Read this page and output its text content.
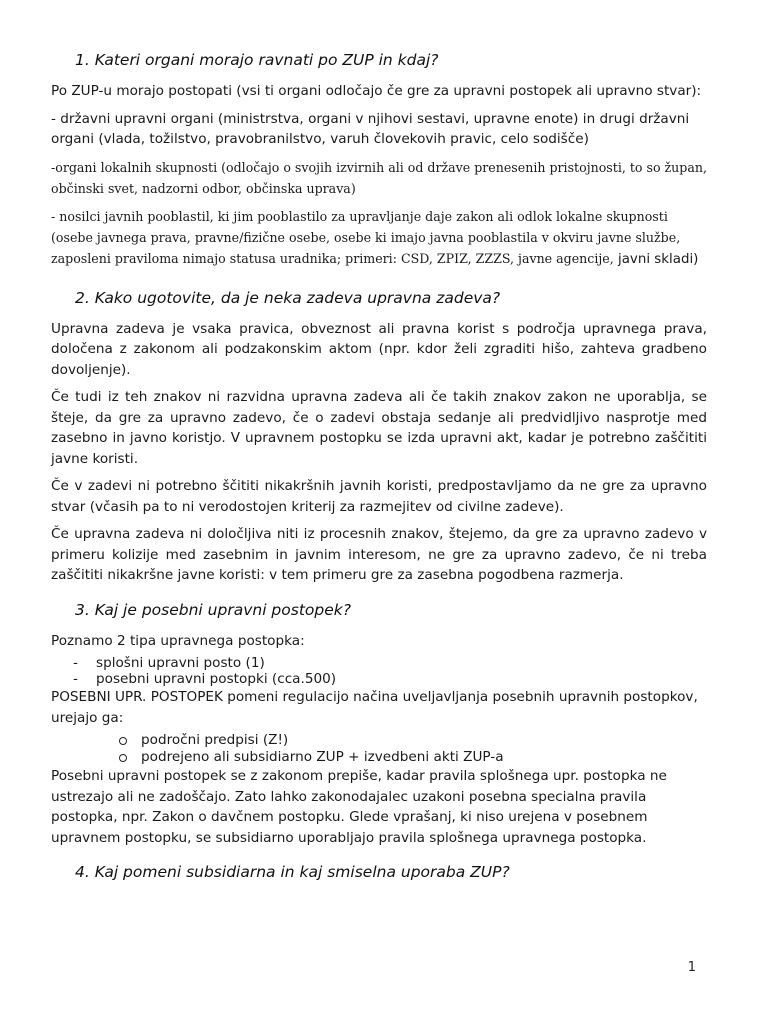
1. Kateri organi morajo ravnati po ZUP in kdaj?

Po ZUP-u morajo postopati (vsi ti organi odločajo če gre za upravni postopek ali upravno stvar):

- državni upravni organi (ministrstva, organi v njihovi sestavi, upravne enote) in drugi državni organi (vlada, tožilstvo, pravobranilstvo, varuh človekovih pravic, celo sodišče)

-organi lokalnih skupnosti (odločajo o svojih izvirnih ali od države prenesenih pristojnosti, to so župan, občinski svet, nadzorni odbor, občinska uprava)

- nosilci javnih pooblastil, ki jim pooblastilo za upravljanje daje zakon ali odlok lokalne skupnosti (osebe javnega prava, pravne/fizične osebe, osebe ki imajo javna pooblastila v okviru javne službe, zaposleni praviloma nimajo statusa uradnika; primeri: CSD, ZPIZ, ZZZS, javne agencije, javni skladi)

2. Kako ugotovite, da je neka zadeva upravna zadeva?

Upravna zadeva je vsaka pravica, obveznost ali pravna korist s področja upravnega prava, določena z zakonom ali podzakonskim aktom (npr. kdor želi zgraditi hišo, zahteva gradbeno dovoljenje).

Če tudi iz teh znakov ni razvidna upravna zadeva ali če takih znakov zakon ne uporablja, se šteje, da gre za upravno zadevo, če o zadevi obstaja sedanje ali predvidljivo nasprotje med zasebno in javno koristjo. V upravnem postopku se izda upravni akt, kadar je potrebno zaščititi javne koristi.

Če v zadevi ni potrebno ščititi nikakršnih javnih koristi, predpostavljamo da ne gre za upravno stvar (včasih pa to ni verodostojen kriterij za razmejitev od civilne zadeve).

Če upravna zadeva ni določljiva niti iz procesnih znakov, štejemo, da gre za upravno zadevo v primeru kolizije med zasebnim in javnim interesom, ne gre za upravno zadevo, če ni treba zaščititi nikakršne javne koristi: v tem primeru gre za zasebna pogodbena razmerja.

3. Kaj je posebni upravni postopek?

Poznamo 2 tipa upravnega postopka:

- splošni upravni posto (1)
- posebni upravni postopki (cca.500)

POSEBNI UPR. POSTOPEK pomeni regulacijo načina uveljavljanja posebnih upravnih postopkov, urejajo ga:

področni predpisi (Z!)
podrejeno ali subsidiarno ZUP + izvedbeni akti ZUP-a

Posebni upravni postopek se z zakonom prepiše, kadar pravila splošnega upr. postopka ne ustrezajo ali ne zadoščajo. Zato lahko zakonodajalec uzakoni posebna specialna pravila postopka, npr. Zakon o davčnem postopku. Glede vprašanj, ki niso urejena v posebnem upravnem postopku, se subsidiarno uporabljajo pravila splošnega upravnega postopka.

4. Kaj pomeni subsidiarna in kaj smiselna uporaba ZUP?
1
